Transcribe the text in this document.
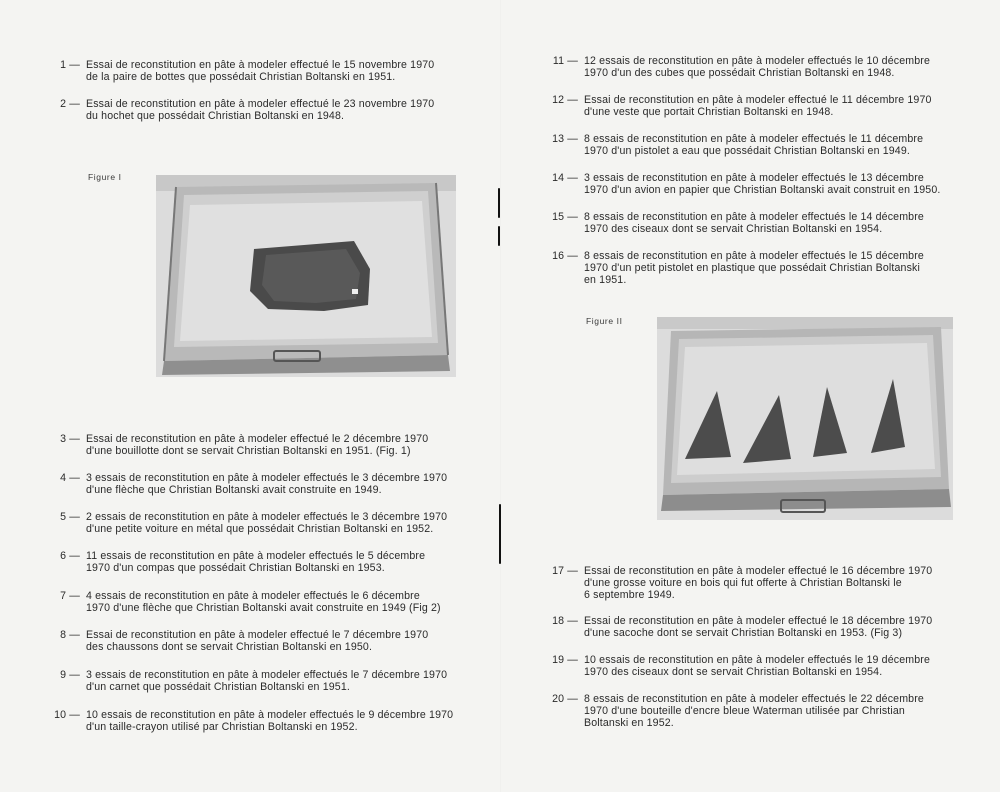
1 — Essai de reconstitution en pâte à modeler effectué le 15 novembre 1970
de la paire de bottes que possédait Christian Boltanski en 1951.
2 — Essai de reconstitution en pâte à modeler effectué le 23 novembre 1970
du hochet que possédait Christian Boltanski en 1948.
Figure I
3 — Essai de reconstitution en pâte à modeler effectué le 2 décembre 1970
d'une bouillotte dont se servait Christian Boltanski en 1951. (Fig. 1)
4 — 3 essais de reconstitution en pâte à modeler effectués le 3 décembre 1970
d'une flèche que Christian Boltanski avait construite en 1949.
5 — 2 essais de reconstitution en pâte à modeler effectués le 3 décembre 1970
d'une petite voiture en métal que possédait Christian Boltanski en 1952.
6 — 11 essais de reconstitution en pâte à modeler effectués le 5 décembre
1970 d'un compas que possédait Christian Boltanski en 1953.
7 — 4 essais de reconstitution en pâte à modeler effectués le 6 décembre
1970 d'une flèche que Christian Boltanski avait construite en 1949 (Fig 2)
8 — Essai de reconstitution en pâte à modeler effectué le 7 décembre 1970
des chaussons dont se servait Christian Boltanski en 1950.
9 — 3 essais de reconstitution en pâte à modeler effectués le 7 décembre 1970
d'un carnet que possédait Christian Boltanski en 1951.
10 — 10 essais de reconstitution en pâte à modeler effectués le 9 décembre 1970
d'un taille-crayon utilisé par Christian Boltanski en 1952.
11 — 12 essais de reconstitution en pâte à modeler effectués le 10 décembre
1970 d'un des cubes que possédait Christian Boltanski en 1948.
12 — Essai de reconstitution en pâte à modeler effectué le 11 décembre 1970
d'une veste que portait Christian Boltanski en 1948.
13 — 8 essais de reconstitution en pâte à modeler effectués le 11 décembre
1970 d'un pistolet a eau que possédait Christian Boltanski en 1949.
14 — 3 essais de reconstitution en pâte à modeler effectués le 13 décembre
1970 d'un avion en papier que Christian Boltanski avait construit en 1950.
15 — 8 essais de reconstitution en pâte à modeler effectués le 14 décembre
1970 des ciseaux dont se servait Christian Boltanski en 1954.
16 — 8 essais de reconstitution en pâte à modeler effectués le 15 décembre
1970 d'un petit pistolet en plastique que possédait Christian Boltanski
en 1951.
Figure II
17 — Essai de reconstitution en pâte à modeler effectué le 16 décembre 1970
d'une grosse voiture en bois qui fut offerte à Christian Boltanski le
6 septembre 1949.
18 — Essai de reconstitution en pâte à modeler effectué le 18 décembre 1970
d'une sacoche dont se servait Christian Boltanski en 1953. (Fig 3)
19 — 10 essais de reconstitution en pâte à modeler effectués le 19 décembre
1970 des ciseaux dont se servait Christian Boltanski en 1954.
20 — 8 essais de reconstitution en pâte à modeler effectués le 22 décembre
1970 d'une bouteille d'encre bleue Waterman utilisée par Christian
Boltanski en 1952.
